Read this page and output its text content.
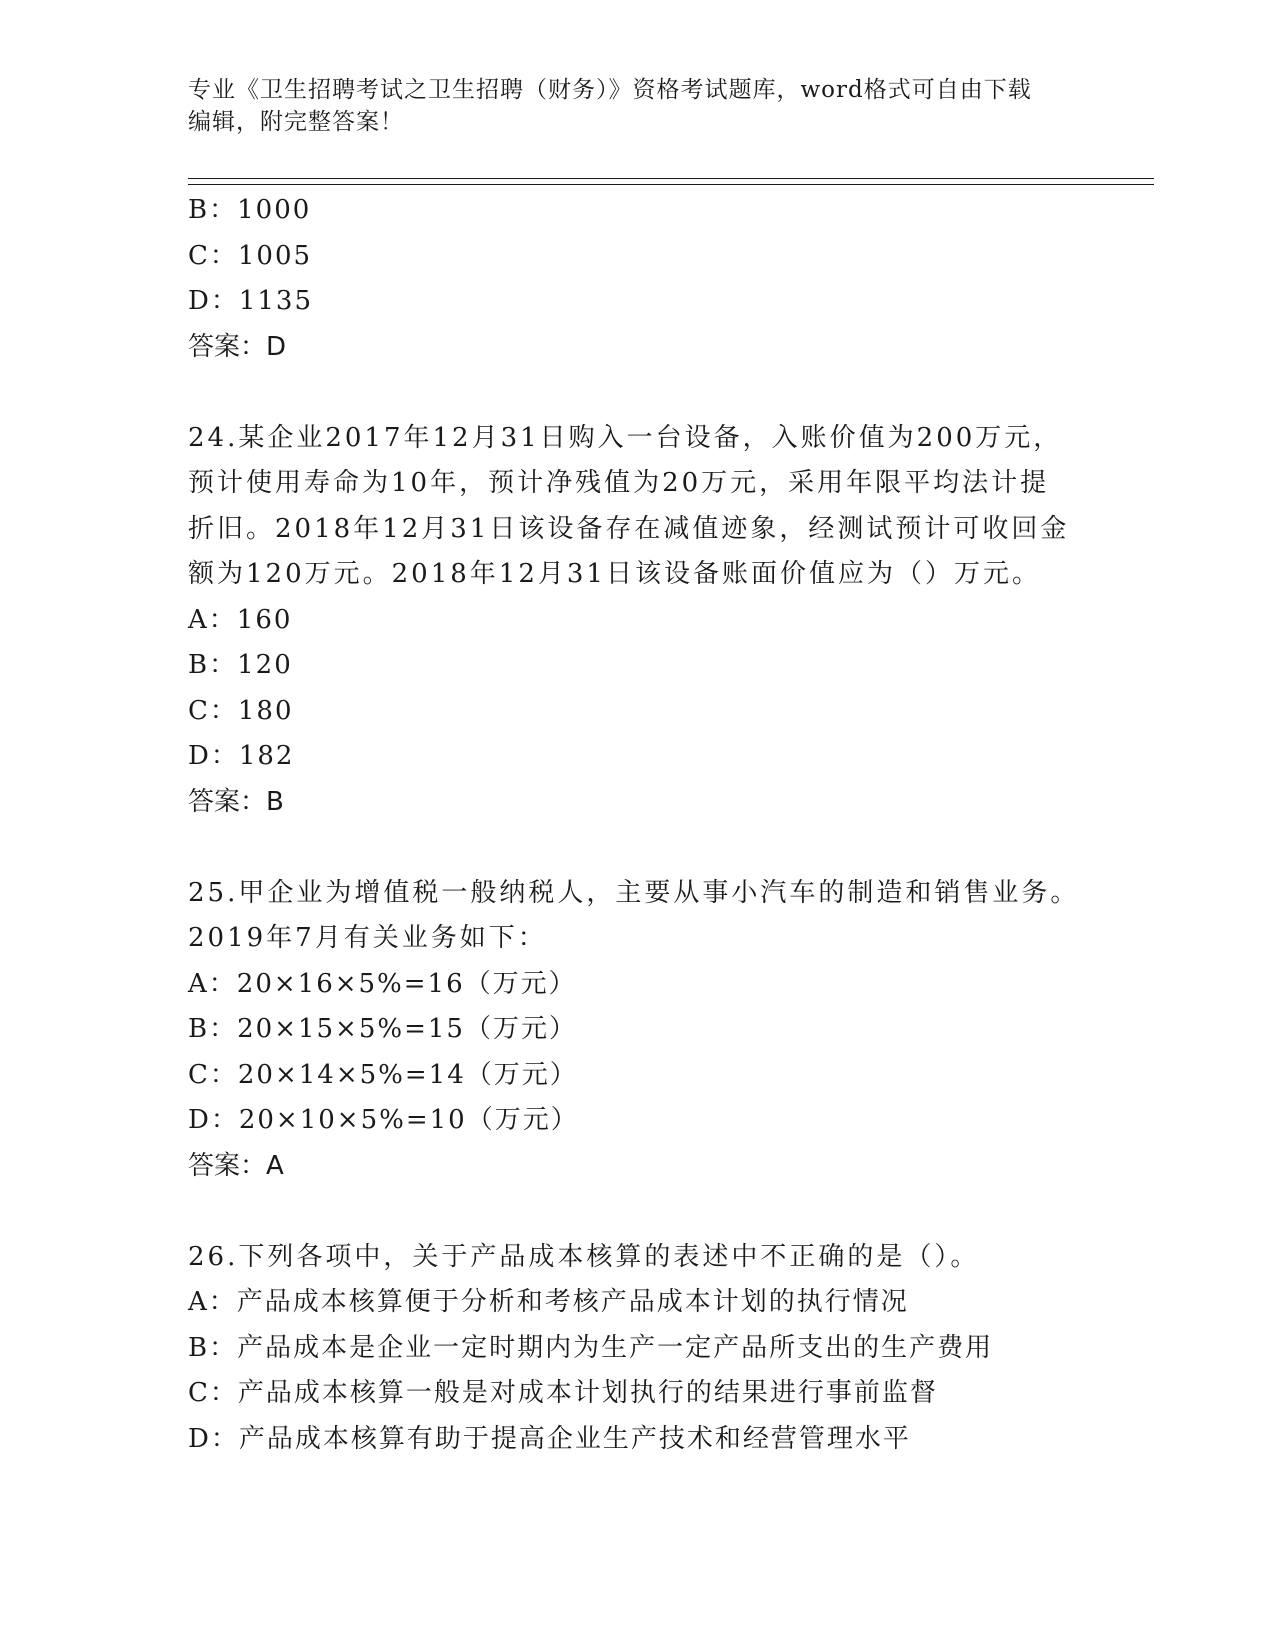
专业《卫生招聘考试之卫生招聘（财务）》资格考试题库，word格式可自由下载
编辑，附完整答案！
B：1000
C：1005
D：1135
答案：D
24.某企业2017年12月31日购入一台设备，入账价值为200万元，
预计使用寿命为10年，预计净残值为20万元，采用年限平均法计提
折旧。2018年12月31日该设备存在减值迹象，经测试预计可收回金
额为120万元。2018年12月31日该设备账面价值应为（）万元。
A：160
B：120
C：180
D：182
答案：B
25.甲企业为增值税一般纳税人，主要从事小汽车的制造和销售业务。
2019年7月有关业务如下：
A：20×16×5%=16（万元）
B：20×15×5%=15（万元）
C：20×14×5%=14（万元）
D：20×10×5%=10（万元）
答案：A
26.下列各项中，关于产品成本核算的表述中不正确的是（）。
A：产品成本核算便于分析和考核产品成本计划的执行情况
B：产品成本是企业一定时期内为生产一定产品所支出的生产费用
C：产品成本核算一般是对成本计划执行的结果进行事前监督
D：产品成本核算有助于提高企业生产技术和经营管理水平
